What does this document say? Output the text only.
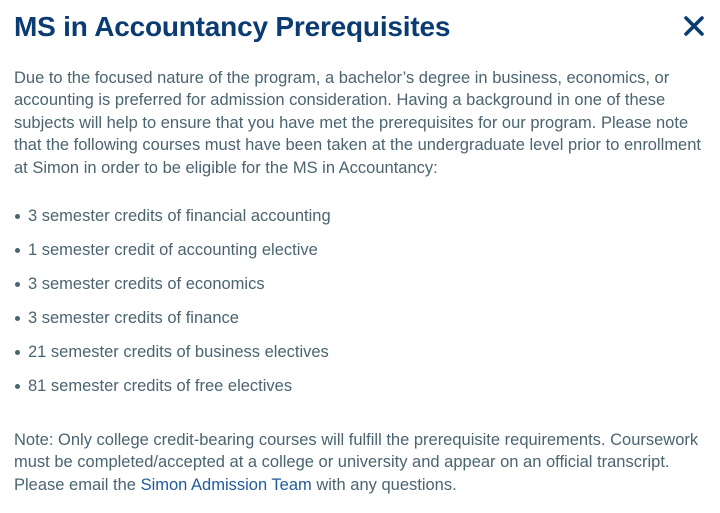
MS in Accountancy Prerequisites

Due to the focused nature of the program, a bachelor’s degree in business, economics, or accounting is preferred for admission consideration. Having a background in one of these subjects will help to ensure that you have met the prerequisites for our program. Please note that the following courses must have been taken at the undergraduate level prior to enrollment at Simon in order to be eligible for the MS in Accountancy:

3 semester credits of financial accounting
1 semester credit of accounting elective
3 semester credits of economics
3 semester credits of finance
21 semester credits of business electives
81 semester credits of free electives

Note: Only college credit-bearing courses will fulfill the prerequisite requirements. Coursework must be completed/accepted at a college or university and appear on an official transcript. Please email the Simon Admission Team with any questions.
